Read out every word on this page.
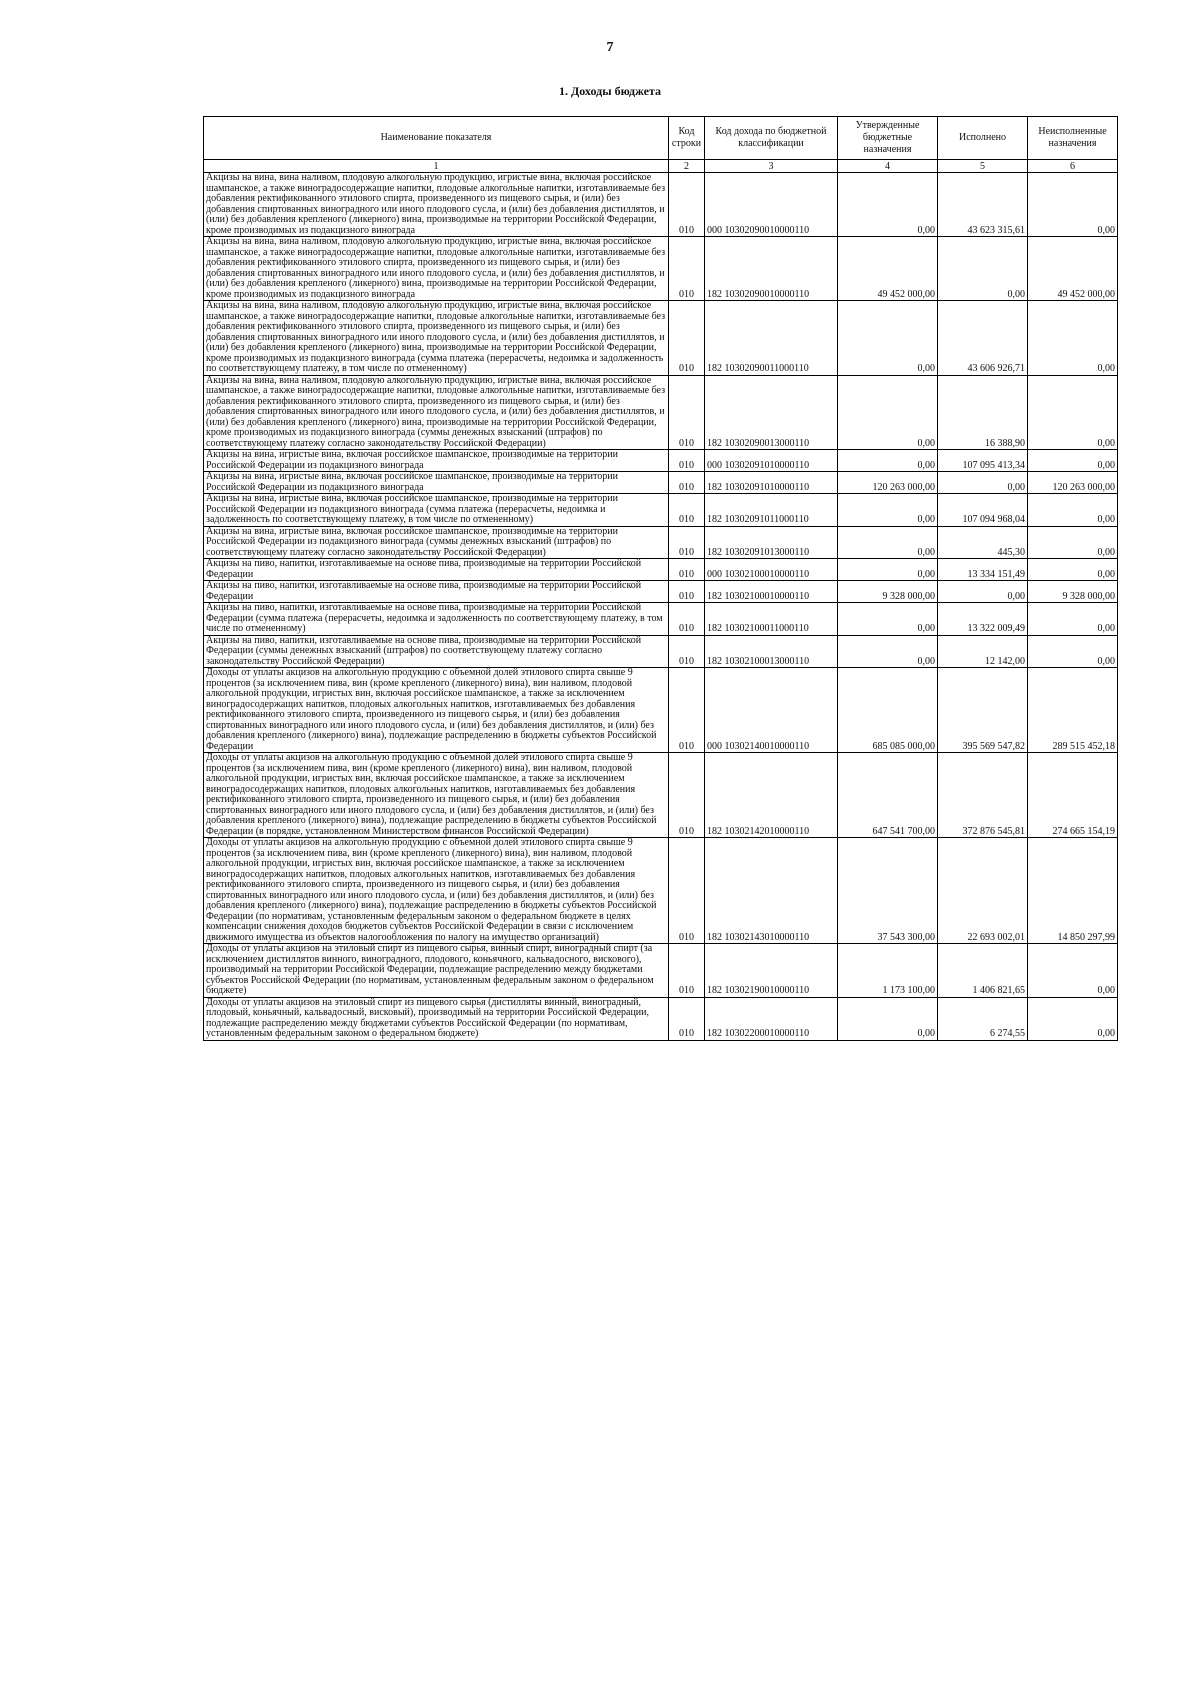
7
1. Доходы бюджета
Наименование показателя	Код строки	Код дохода по бюджетной классификации	Утвержденные бюджетные назначения	Исполнено	Неисполненные назначения
1	2	3	4	5	6
Акцизы на вина, вина наливом, плодовую алкогольную продукцию, игристые вина, включая российское шампанское, а также виноградосодержащие напитки, плодовые алкогольные напитки, изготавливаемые без добавления ректификованного этилового спирта, произведенного из пищевого сырья, и (или) без добавления спиртованных виноградного или иного плодового сусла, и (или) без добавления дистиллятов, и (или) без добавления крепленого (ликерного) вина, производимые на территории Российской Федерации, кроме производимых из подакцизного винограда	010	000 10302090010000110	0,00	43 623 315,61	0,00
Акцизы на вина, вина наливом, плодовую алкогольную продукцию, игристые вина, включая российское шампанское, а также виноградосодержащие напитки, плодовые алкогольные напитки, изготавливаемые без добавления ректификованного этилового спирта, произведенного из пищевого сырья, и (или) без добавления спиртованных виноградного или иного плодового сусла, и (или) без добавления дистиллятов, и (или) без добавления крепленого (ликерного) вина, производимые на территории Российской Федерации, кроме производимых из подакцизного винограда	010	182 10302090010000110	49 452 000,00	0,00	49 452 000,00
Акцизы на вина, вина наливом, плодовую алкогольную продукцию, игристые вина, включая российское шампанское, а также виноградосодержащие напитки, плодовые алкогольные напитки, изготавливаемые без добавления ректификованного этилового спирта, произведенного из пищевого сырья, и (или) без добавления спиртованных виноградного или иного плодового сусла, и (или) без добавления дистиллятов, и (или) без добавления крепленого (ликерного) вина, производимые на территории Российской Федерации, кроме производимых из подакцизного винограда (сумма платежа (перерасчеты, недоимка и задолженность по соответствующему платежу, в том числе по отмененному)	010	182 10302090011000110	0,00	43 606 926,71	0,00
Акцизы на вина, вина наливом, плодовую алкогольную продукцию, игристые вина, включая российское шампанское, а также виноградосодержащие напитки, плодовые алкогольные напитки, изготавливаемые без добавления ректификованного этилового спирта, произведенного из пищевого сырья, и (или) без добавления спиртованных виноградного или иного плодового сусла, и (или) без добавления дистиллятов, и (или) без добавления крепленого (ликерного) вина, производимые на территории Российской Федерации, кроме производимых из подакцизного винограда (суммы денежных взысканий (штрафов) по соответствующему платежу согласно законодательству Российской Федерации)	010	182 10302090013000110	0,00	16 388,90	0,00
Акцизы на вина, игристые вина, включая российское шампанское, производимые на территории Российской Федерации из подакцизного винограда	010	000 10302091010000110	0,00	107 095 413,34	0,00
Акцизы на вина, игристые вина, включая российское шампанское, производимые на территории Российской Федерации из подакцизного винограда	010	182 10302091010000110	120 263 000,00	0,00	120 263 000,00
Акцизы на вина, игристые вина, включая российское шампанское, производимые на территории Российской Федерации из подакцизного винограда (сумма платежа (перерасчеты, недоимка и задолженность по соответствующему платежу, в том числе по отмененному)	010	182 10302091011000110	0,00	107 094 968,04	0,00
Акцизы на вина, игристые вина, включая российское шампанское, производимые на территории Российской Федерации из подакцизного винограда (суммы денежных взысканий (штрафов) по соответствующему платежу согласно законодательству Российской Федерации)	010	182 10302091013000110	0,00	445,30	0,00
Акцизы на пиво, напитки, изготавливаемые на основе пива, производимые на территории Российской Федерации	010	000 10302100010000110	0,00	13 334 151,49	0,00
Акцизы на пиво, напитки, изготавливаемые на основе пива, производимые на территории Российской Федерации	010	182 10302100010000110	9 328 000,00	0,00	9 328 000,00
Акцизы на пиво, напитки, изготавливаемые на основе пива, производимые на территории Российской Федерации (сумма платежа (перерасчеты, недоимка и задолженность по соответствующему платежу, в том числе по отмененному)	010	182 10302100011000110	0,00	13 322 009,49	0,00
Акцизы на пиво, напитки, изготавливаемые на основе пива, производимые на территории Российской Федерации (суммы денежных взысканий (штрафов) по соответствующему платежу согласно законодательству Российской Федерации)	010	182 10302100013000110	0,00	12 142,00	0,00
Доходы от уплаты акцизов на алкогольную продукцию с объемной долей этилового спирта свыше 9 процентов (за исключением пива, вин (кроме крепленого (ликерного) вина), вин наливом, плодовой алкогольной продукции, игристых вин, включая российское шампанское, а также за исключением виноградосодержащих напитков, плодовых алкогольных напитков, изготавливаемых без добавления ректификованного этилового спирта, произведенного из пищевого сырья, и (или) без добавления спиртованных виноградного или иного плодового сусла, и (или) без добавления дистиллятов, и (или) без добавления крепленого (ликерного) вина), подлежащие распределению в бюджеты субъектов Российской Федерации	010	000 10302140010000110	685 085 000,00	395 569 547,82	289 515 452,18
Доходы от уплаты акцизов на алкогольную продукцию с объемной долей этилового спирта свыше 9 процентов (за исключением пива, вин (кроме крепленого (ликерного) вина), вин наливом, плодовой алкогольной продукции, игристых вин, включая российское шампанское, а также за исключением виноградосодержащих напитков, плодовых алкогольных напитков, изготавливаемых без добавления ректификованного этилового спирта, произведенного из пищевого сырья, и (или) без добавления спиртованных виноградного или иного плодового сусла, и (или) без добавления дистиллятов, и (или) без добавления крепленого (ликерного) вина), подлежащие распределению в бюджеты субъектов Российской Федерации (в порядке, установленном Министерством финансов Российской Федерации)	010	182 10302142010000110	647 541 700,00	372 876 545,81	274 665 154,19
Доходы от уплаты акцизов на алкогольную продукцию с объемной долей этилового спирта свыше 9 процентов (за исключением пива, вин (кроме крепленого (ликерного) вина), вин наливом, плодовой алкогольной продукции, игристых вин, включая российское шампанское, а также за исключением виноградосодержащих напитков, плодовых алкогольных напитков, изготавливаемых без добавления ректификованного этилового спирта, произведенного из пищевого сырья, и (или) без добавления спиртованных виноградного или иного плодового сусла, и (или) без добавления дистиллятов, и (или) без добавления крепленого (ликерного) вина), подлежащие распределению в бюджеты субъектов Российской Федерации (по нормативам, установленным федеральным законом о федеральном бюджете в целях компенсации снижения доходов бюджетов субъектов Российской Федерации в связи с исключением движимого имущества из объектов налогообложения по налогу на имущество организаций)	010	182 10302143010000110	37 543 300,00	22 693 002,01	14 850 297,99
Доходы от уплаты акцизов на этиловый спирт из пищевого сырья, винный спирт, виноградный спирт (за исключением дистиллятов винного, виноградного, плодового, коньячного, кальвадосного, вискового), производимый на территории Российской Федерации, подлежащие распределению между бюджетами субъектов Российской Федерации (по нормативам, установленным федеральным законом о федеральном бюджете)	010	182 10302190010000110	1 173 100,00	1 406 821,65	0,00
Доходы от уплаты акцизов на этиловый спирт из пищевого сырья (дистилляты винный, виноградный, плодовый, коньячный, кальвадосный, висковый), производимый на территории Российской Федерации, подлежащие распределению между бюджетами субъектов Российской Федерации (по нормативам, установленным федеральным законом о федеральном бюджете)	010	182 10302200010000110	0,00	6 274,55	0,00
